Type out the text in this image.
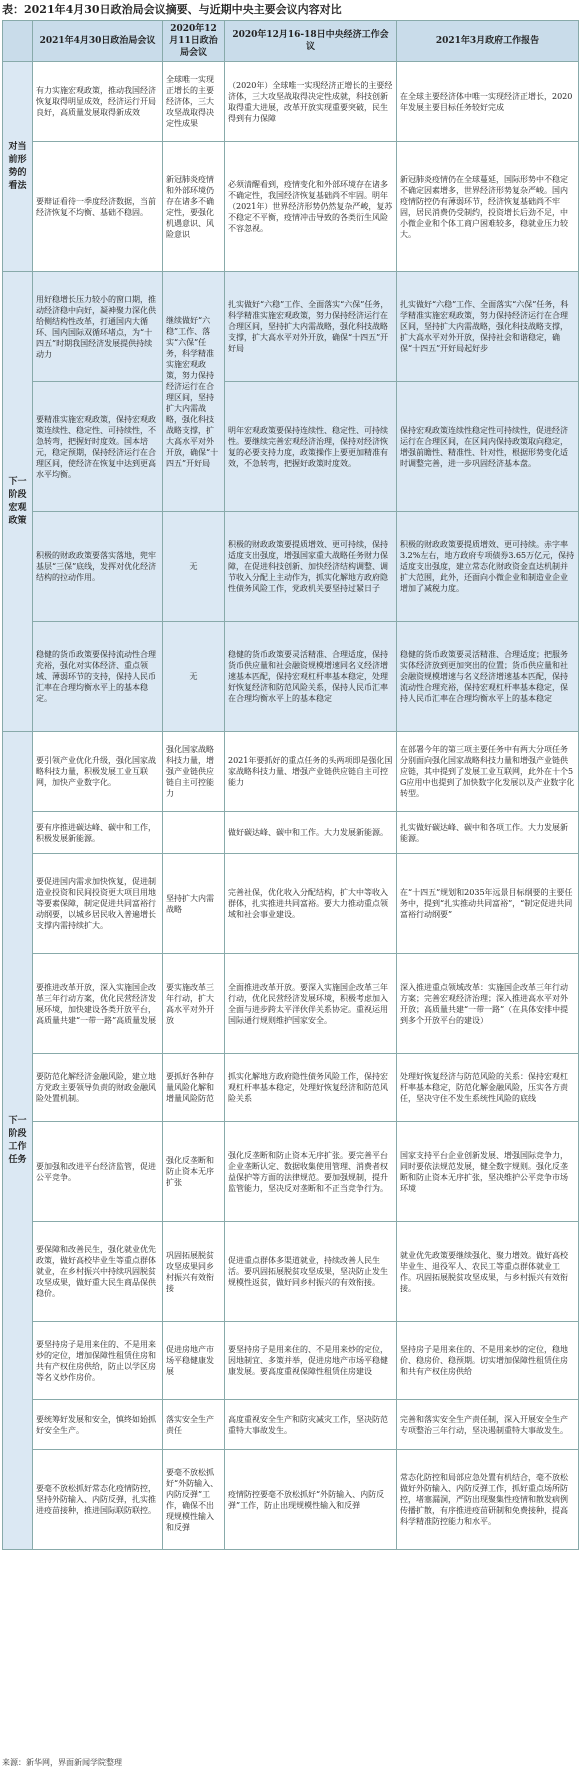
表：2021年4月30日政治局会议摘要、与近期中央主要会议内容对比
	2021年4月30日政治局会议	2020年12月11日政治局会议	2020年12月16-18日中央经济工作会议	2021年3月政府工作报告
对当前形势的看法	有力实施宏观政策，推动我国经济恢复取得明显成效，经济运行开局良好，高质量发展取得新成效	全球唯一实现正增长的主要经济体，三大攻坚战取得决定性成果	（2020年）全球唯一实现经济正增长的主要经济体，三大攻坚战取得决定性成就，科技创新取得重大进展，改革开放实现重要突破，民生得到有力保障	在全球主要经济体中唯一实现经济正增长，2020年发展主要目标任务较好完成
	要辩证看待一季度经济数据，当前经济恢复不均衡、基础不稳固。	新冠肺炎疫情和外部环境仍存在诸多不确定性，要强化机遇意识、风险意识	必须清醒看到，疫情变化和外部环境存在诸多不确定性，我国经济恢复基础尚不牢固。明年（2021年）世界经济形势仍然复杂严峻，复苏不稳定不平衡，疫情冲击导致的各类衍生风险不容忽视。	新冠肺炎疫情仍在全球蔓延，国际形势中不稳定不确定因素增多，世界经济形势复杂严峻。国内疫情防控仍有薄弱环节，经济恢复基础尚不牢固，居民消费仍受制约，投资增长后劲不足，中小微企业和个体工商户困难较多，稳就业压力较大。
下一阶段宏观政策	用好稳增长压力较小的窗口期，推动经济稳中向好，凝神聚力深化供给侧结构性改革，打通国内大循环、国内国际双循环堵点，为“十四五”时期我国经济发展提供持续动力	继续做好“六稳”工作、落实“六保”任务，科学精准实施宏观政策，努力保持经济运行在合理区间，坚持扩大内需战略，强化科技战略支撑，扩大高水平对外开放，确保“十四五”开好局	扎实做好“六稳”工作、全面落实“六保”任务，科学精准实施宏观政策，努力保持经济运行在合理区间，坚持扩大内需战略，强化科技战略支撑，扩大高水平对外开放，确保“十四五”开好局	扎实做好“六稳”工作、全面落实“六保”任务，科学精准实施宏观政策，努力保持经济运行在合理区间，坚持扩大内需战略，强化科技战略支撑，扩大高水平对外开放，保持社会和谐稳定，确保“十四五”开好局起好步
	要精准实施宏观政策，保持宏观政策连续性、稳定性、可持续性，不急转弯，把握好时度效。国本培元，稳定预期，保持经济运行在合理区间，使经济在恢复中达到更高水平均衡。		明年宏观政策要保持连续性、稳定性、可持续性。要继续完善宏观经济治理，保持对经济恢复的必要支持力度，政策操作上要更加精准有效，不急转弯，把握好政策时度效。	保持宏观政策连续性稳定性可持续性，促进经济运行在合理区间，在区间内保持政策取向稳定，增强前瞻性、精准性、针对性，根据形势变化适时调整完善，进一步巩固经济基本盘。
	积极的财政政策要落实落地，兜牢基层“三保”底线，发挥对优化经济结构的拉动作用。	无	积极的财政政策要提质增效、更可持续，保持适度支出强度，增强国家重大战略任务财力保障，在促进科技创新、加快经济结构调整、调节收入分配上主动作为，抓实化解地方政府隐性债务风险工作，党政机关要坚持过紧日子	积极的财政政策要提质增效、更可持续。赤字率3.2%左右，地方政府专项债券3.65万亿元，保持适度支出强度，建立常态化财政资金直达机制并扩大范围，此外，还面向小微企业和制造业企业增加了减税力度。
	稳健的货币政策要保持流动性合理充裕，强化对实体经济、重点领域、薄弱环节的支持，保持人民币汇率在合理均衡水平上的基本稳定。	无	稳健的货币政策要灵活精准、合理适度，保持货币供应量和社会融资规模增速同名义经济增速基本匹配，保持宏观杠杆率基本稳定，处理好恢复经济和防范风险关系，保持人民币汇率在合理均衡水平上的基本稳定	稳健的货币政策要灵活精准、合理适度；把服务实体经济放到更加突出的位置；货币供应量和社会融资规模增速与名义经济增速基本匹配，保持流动性合理充裕，保持宏观杠杆率基本稳定，保持人民币汇率在合理均衡水平上的基本稳定
下一阶段工作任务	要引领产业优化升级，强化国家战略科技力量，积极发展工业互联网，加快产业数字化。	强化国家战略科技力量，增强产业链供应链自主可控能力	2021年要抓好的重点任务的头两项即是强化国家战略科技力量、增强产业链供应链自主可控能力	在部署今年的第三项主要任务中有两大分项任务分别面向强化国家战略科技力量和增强产业链供应链，其中提到了发展工业互联网，此外在十个5G应用中也提到了加快数字化发展以及产业数字化转型。
	要有序推进碳达峰、碳中和工作，积极发展新能源。		做好碳达峰、碳中和工作。大力发展新能源。	扎实做好碳达峰、碳中和各项工作。大力发展新能源。
	要促进国内需求加快恢复，促进制造业投资和民间投资更大项目用地等要素保障，制定促进共同富裕行动纲要，以城乡居民收入普遍增长支撑内需持续扩大。	坚持扩大内需战略	完善社保，优化收入分配结构，扩大中等收入群体，扎实推进共同富裕。要大力推动重点领域和社会事业建设。	在“十四五”规划和2035年远景目标纲要的主要任务中，提到“扎实推动共同富裕”，“制定促进共同富裕行动纲要”
	要推进改革开放，深入实施国企改革三年行动方案，优化民营经济发展环境，加快建设各类开放平台，高质量共建“一带一路”高质量发展	要实施改革三年行动，扩大高水平对外开放	全面推进改革开放。要深入实施国企改革三年行动，优化民营经济发展环境，积极考虑加入全面与进步跨太平洋伙伴关系协定。重视运用国际通行规则维护国家安全。	深入推进重点领域改革：实施国企改革三年行动方案；完善宏观经济治理；深入推进高水平对外开放；高质量共建“一带一路”（在具体安排中提到多个开放平台的建设）
	要防范化解经济金融风险，建立地方党政主要领导负责的财政金融风险处置机制。	要抓好各种存量风险化解和增量风险防范	抓实化解地方政府隐性债务风险工作，保持宏观杠杆率基本稳定，处理好恢复经济和防范风险关系	处理好恢复经济与防范风险的关系：保持宏观杠杆率基本稳定，防范化解金融风险，压实各方责任，坚决守住不发生系统性风险的底线
	要加强和改进平台经济监管，促进公平竞争。	强化反垄断和防止资本无序扩张	强化反垄断和防止资本无序扩张。要完善平台企业垄断认定、数据收集使用管理、消费者权益保护等方面的法律规范。要加强规制，提升监管能力，坚决反对垄断和不正当竞争行为。	国家支持平台企业创新发展、增强国际竞争力，同时要依法规范发展，健全数字规则。强化反垄断和防止资本无序扩张，坚决维护公平竞争市场环境
	要保障和改善民生，强化就业优先政策，做好高校毕业生等重点群体就业，在乡村振兴中持续巩固脱贫攻坚成果，做好重大民生商品保供稳价。	巩固拓展脱贫攻坚成果同乡村振兴有效衔接	促进重点群体多渠道就业，持续改善人民生活。要巩固拓展脱贫攻坚成果，坚决防止发生规模性返贫，做好同乡村振兴的有效衔接。	就业优先政策要继续强化、聚力增效。做好高校毕业生、退役军人、农民工等重点群体就业工作。巩固拓展脱贫攻坚成果，与乡村振兴有效衔接。
	要坚持房子是用来住的、不是用来炒的定位，增加保障性租赁住房和共有产权住房供给，防止以学区房等名义炒作房价。	促进房地产市场平稳健康发展	要坚持房子是用来住的、不是用来炒的定位，因地制宜、多策并举，促进房地产市场平稳健康发展。要高度重视保障性租赁住房建设	坚持房子是用来住的、不是用来炒的定位，稳地价、稳房价、稳预期。切实增加保障性租赁住房和共有产权住房供给
	要统筹好发展和安全，慎终如始抓好安全生产。	落实安全生产责任	高度重视安全生产和防灾减灾工作，坚决防范重特大事故发生。	完善和落实安全生产责任制，深入开展安全生产专项整治三年行动，坚决遏制重特大事故发生。
	要毫不放松抓好常态化疫情防控，坚持外防输入、内防反弹，扎实推进疫苗接种，推进国际联防联控。	要毫不放松抓好“外防输入、内防反弹”工作，确保不出现规模性输入和反弹	疫情防控要毫不放松抓好“外防输入、内防反弹”工作，防止出现规模性输入和反弹	常态化防控和局部应急处置有机结合，毫不放松做好外防输入、内防反弹工作，抓好重点场所防控，堵塞漏洞，严防出现聚集性疫情和散发病例传播扩散，有序推进疫苗研制和免费接种，提高科学精准防控能力和水平。
来源：新华网，界面新闻学院整理
